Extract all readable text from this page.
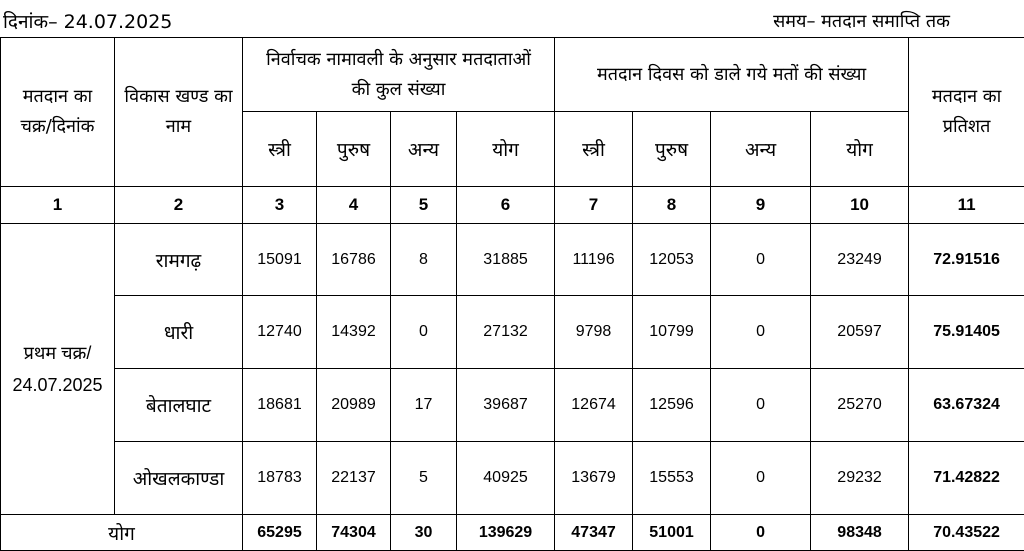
दिनांक– 24.07.2025	समय– मतदान समाप्ति तक
मतदान का चक्र/दिनांक	विकास खण्ड का नाम	निर्वाचक नामावली के अनुसार मतदाताओं की कुल संख्या				मतदान दिवस को डाले गये मतों की संख्या				मतदान का प्रतिशत
		स्त्री	पुरुष	अन्य	योग	स्त्री	पुरुष	अन्य	योग	
1	2	3	4	5	6	7	8	9	10	11
प्रथम चक्र/ 24.07.2025	रामगढ़	15091	16786	8	31885	11196	12053	0	23249	72.91516
	धारी	12740	14392	0	27132	9798	10799	0	20597	75.91405
	बेतालघाट	18681	20989	17	39687	12674	12596	0	25270	63.67324
	ओखलकाण्डा	18783	22137	5	40925	13679	15553	0	29232	71.42822
योग		65295	74304	30	139629	47347	51001	0	98348	70.43522
